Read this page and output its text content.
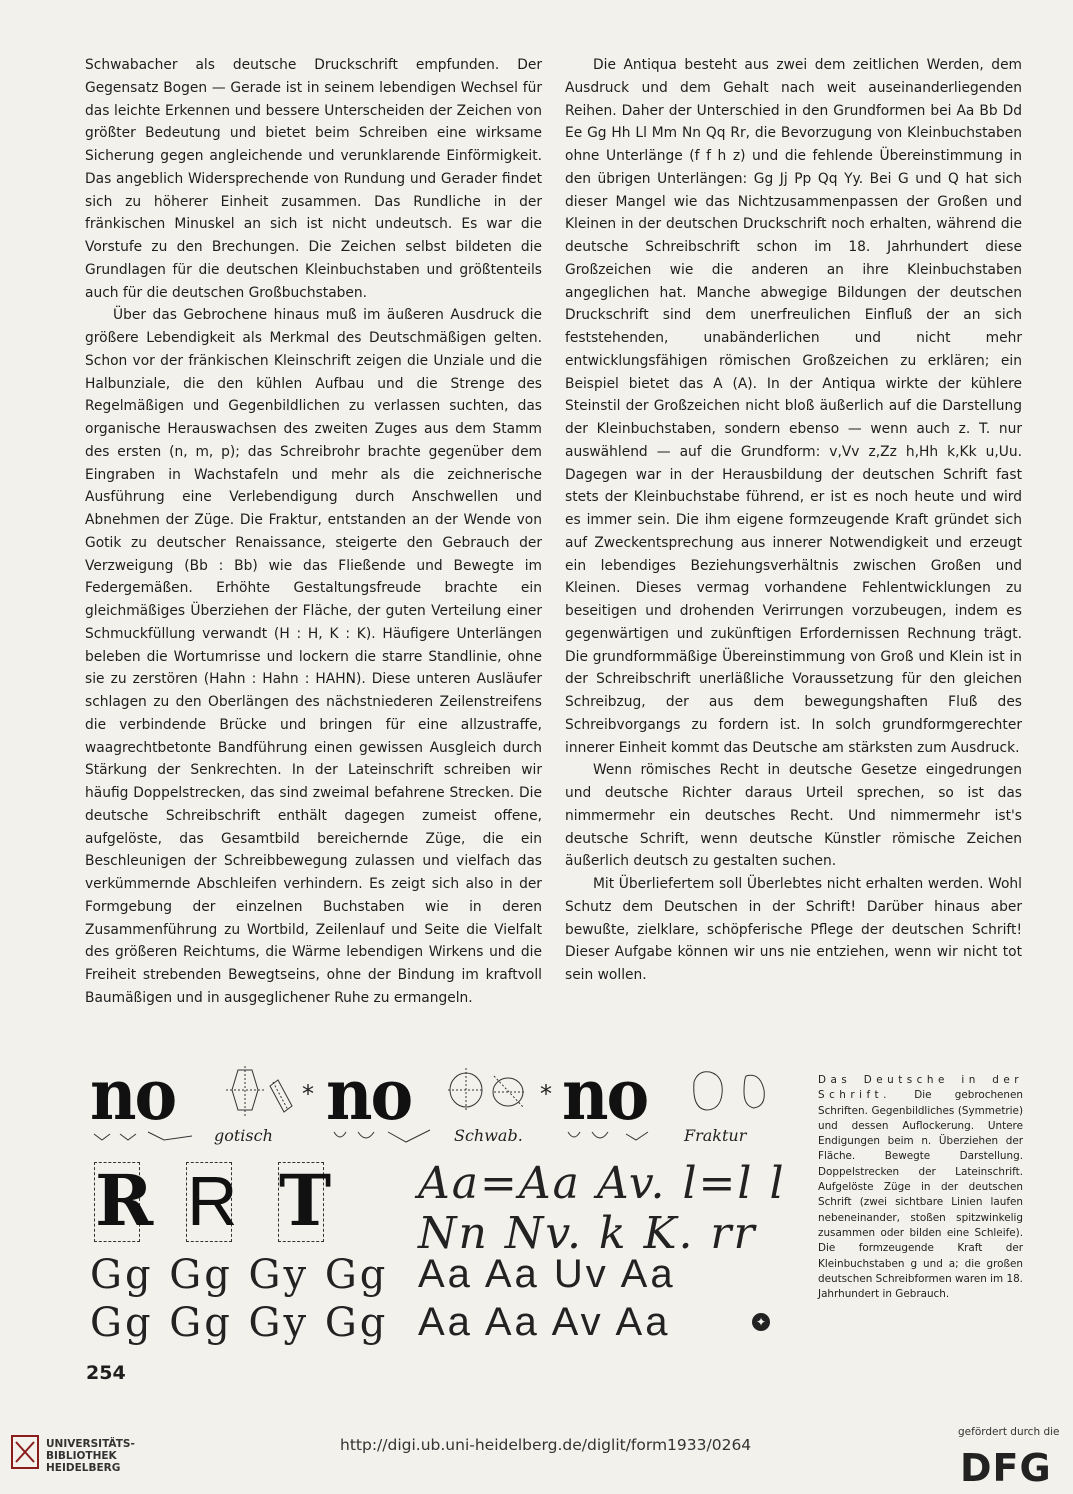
Schwabacher als deutsche Druckschrift empfunden. Der Gegensatz Bogen — Gerade ist in seinem lebendigen Wechsel für das leichte Erkennen und bessere Unterscheiden der Zeichen von größter Bedeutung und bietet beim Schreiben eine wirksame Sicherung gegen angleichende und verunklarende Einförmigkeit. Das angeblich Widersprechende von Rundung und Gerader findet sich zu höherer Einheit zusammen. Das Rundliche in der fränkischen Minuskel an sich ist nicht undeutsch. Es war die Vorstufe zu den Brechungen. Die Zeichen selbst bildeten die Grundlagen für die deutschen Kleinbuchstaben und größtenteils auch für die deutschen Großbuchstaben.

Über das Gebrochene hinaus muß im äußeren Ausdruck die größere Lebendigkeit als Merkmal des Deutschmäßigen gelten. Schon vor der fränkischen Kleinschrift zeigen die Unziale und die Halbunziale, die den kühlen Aufbau und die Strenge des Regelmäßigen und Gegenbildlichen zu verlassen suchten, das organische Herauswachsen des zweiten Zuges aus dem Stamm des ersten (n, m, p); das Schreibrohr brachte gegenüber dem Eingraben in Wachstafeln und mehr als die zeichnerische Ausführung eine Verlebendigung durch Anschwellen und Abnehmen der Züge. Die Fraktur, entstanden an der Wende von Gotik zu deutscher Renaissance, steigerte den Gebrauch der Verzweigung (Bb : Bb) wie das Fließende und Bewegte im Federgemäßen. Erhöhte Gestaltungsfreude brachte ein gleichmäßiges Überziehen der Fläche, der guten Verteilung einer Schmuckfüllung verwandt (H : H, K : K). Häufigere Unterlängen beleben die Wortumrisse und lockern die starre Standlinie, ohne sie zu zerstören (Hahn : Hahn : HAHN). Diese unteren Ausläufer schlagen zu den Oberlängen des nächstniederen Zeilenstreifens die verbindende Brücke und bringen für eine allzustraffe, waagrechtbetonte Bandführung einen gewissen Ausgleich durch Stärkung der Senkrechten. In der Lateinschrift schreiben wir häufig Doppelstrecken, das sind zweimal befahrene Strecken. Die deutsche Schreibschrift enthält dagegen zumeist offene, aufgelöste, das Gesamtbild bereichernde Züge, die ein Beschleunigen der Schreibbewegung zulassen und vielfach das verkümmernde Abschleifen verhindern. Es zeigt sich also in der Formgebung der einzelnen Buchstaben wie in deren Zusammenführung zu Wortbild, Zeilenlauf und Seite die Vielfalt des größeren Reichtums, die Wärme lebendigen Wirkens und die Freiheit strebenden Bewegtseins, ohne der Bindung im kraftvoll Baumäßigen und in ausgeglichener Ruhe zu ermangeln.

Die Antiqua besteht aus zwei dem zeitlichen Werden, dem Ausdruck und dem Gehalt nach weit auseinanderliegenden Reihen. Daher der Unterschied in den Grundformen bei Aa Bb Dd Ee Gg Hh Ll Mm Nn Qq Rr, die Bevorzugung von Kleinbuchstaben ohne Unterlänge (f f h z) und die fehlende Übereinstimmung in den übrigen Unterlängen: Gg Jj Pp Qq Yy. Bei G und Q hat sich dieser Mangel wie das Nichtzusammenpassen der Großen und Kleinen in der deutschen Druckschrift noch erhalten, während die deutsche Schreibschrift schon im 18. Jahrhundert diese Großzeichen wie die anderen an ihre Kleinbuchstaben angeglichen hat. Manche abwegige Bildungen der deutschen Druckschrift sind dem unerfreulichen Einfluß der an sich feststehenden, unabänderlichen und nicht mehr entwicklungsfähigen römischen Großzeichen zu erklären; ein Beispiel bietet das A (A). In der Antiqua wirkte der kühlere Steinstil der Großzeichen nicht bloß äußerlich auf die Darstellung der Kleinbuchstaben, sondern ebenso — wenn auch z. T. nur auswählend — auf die Grundform: v,Vv z,Zz h,Hh k,Kk u,Uu. Dagegen war in der Herausbildung der deutschen Schrift fast stets der Kleinbuchstabe führend, er ist es noch heute und wird es immer sein. Die ihm eigene formzeugende Kraft gründet sich auf Zweckentsprechung aus innerer Notwendigkeit und erzeugt ein lebendiges Beziehungsverhältnis zwischen Großen und Kleinen. Dieses vermag vorhandene Fehlentwicklungen zu beseitigen und drohenden Verirrungen vorzubeugen, indem es gegenwärtigen und zukünftigen Erfordernissen Rechnung trägt. Die grundformmäßige Übereinstimmung von Groß und Klein ist in der Schreibschrift unerläßliche Voraussetzung für den gleichen Schreibzug, der aus dem bewegungshaften Fluß des Schreibvorgangs zu fordern ist. In solch grundformgerechter innerer Einheit kommt das Deutsche am stärksten zum Ausdruck.

Wenn römisches Recht in deutsche Gesetze eingedrungen und deutsche Richter daraus Urteil sprechen, so ist das nimmermehr ein deutsches Recht. Und nimmermehr ist's deutsche Schrift, wenn deutsche Künstler römische Zeichen äußerlich deutsch zu gestalten suchen.

Mit Überliefertem soll Überlebtes nicht erhalten werden. Wohl Schutz dem Deutschen in der Schrift! Darüber hinaus aber bewußte, zielklare, schöpferische Pflege der deutschen Schrift! Dieser Aufgabe können wir uns nie entziehen, wenn wir nicht tot sein wollen.

no	* no	* no
gotisch	Schwab.	Fraktur
R R T Aa=Aa Av. l=l l
Nn Nv. k K. rr
Gg Gg Gy Gg
Gg Gg Gy Gg
Aa Aa Uv Aa
Aa Aa Av Aa	✦
Das Deutsche in der Schrift. Die gebrochenen Schriften. Gegenbildliches (Symmetrie) und dessen Auflockerung. Untere Endigungen beim n. Überziehen der Fläche. Bewegte Darstellung. Doppelstrecken der Lateinschrift. Aufgelöste Züge in der deutschen Schrift (zwei sichtbare Linien laufen nebeneinander, stoßen spitzwinkelig zusammen oder bilden eine Schleife). Die formzeugende Kraft der Kleinbuchstaben g und a; die großen deutschen Schreibformen waren im 18. Jahrhundert in Gebrauch.
254
UNIVERSITÄTS-
BIBLIOTHEK
HEIDELBERG
http://digi.ub.uni-heidelberg.de/diglit/form1933/0264
gefördert durch die
DFG
